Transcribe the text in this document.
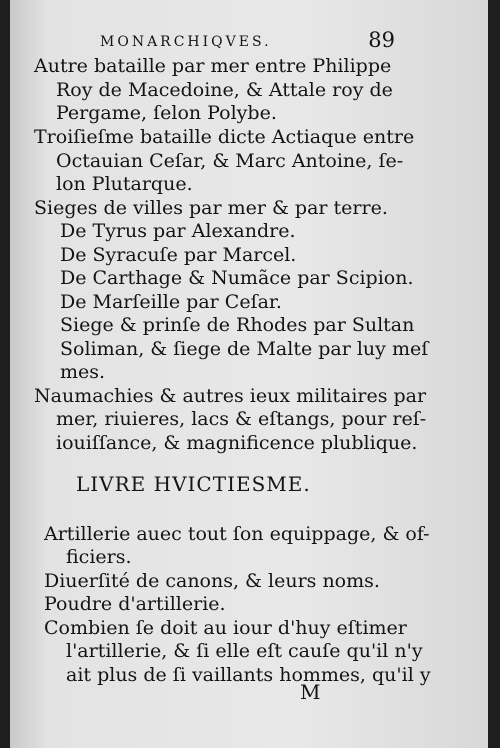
MONARCHIQVES.	89
Autre bataille par mer entre Philippe
Roy de Macedoine, & Attale roy de
Pergame, ſelon Polybe.
Troiſieſme bataille dicte Actiaque entre
Octauian Ceſar, & Marc Antoine, ſe-
lon Plutarque.
Sieges de villes par mer & par terre.
De Tyrus par Alexandre.
De Syracuſe par Marcel.
De Carthage & Numãce par Scipion.
De Marſeille par Ceſar.
Siege & prinſe de Rhodes par Sultan
Soliman, & ſiege de Malte par luy meſ
mes.
Naumachies & autres ieux militaires par
mer, riuieres, lacs & eſtangs, pour reſ-
iouiſſance, & magnificence plublique.
LIVRE HVICTIESME.
Artillerie auec tout ſon equippage, & of-
ficiers.
Diuerſité de canons, & leurs noms.
Poudre d'artillerie.
Combien ſe doit au iour d'huy eſtimer
l'artillerie, & ſi elle eſt cauſe qu'il n'y
ait plus de ſi vaillants hommes, qu'il y
M
